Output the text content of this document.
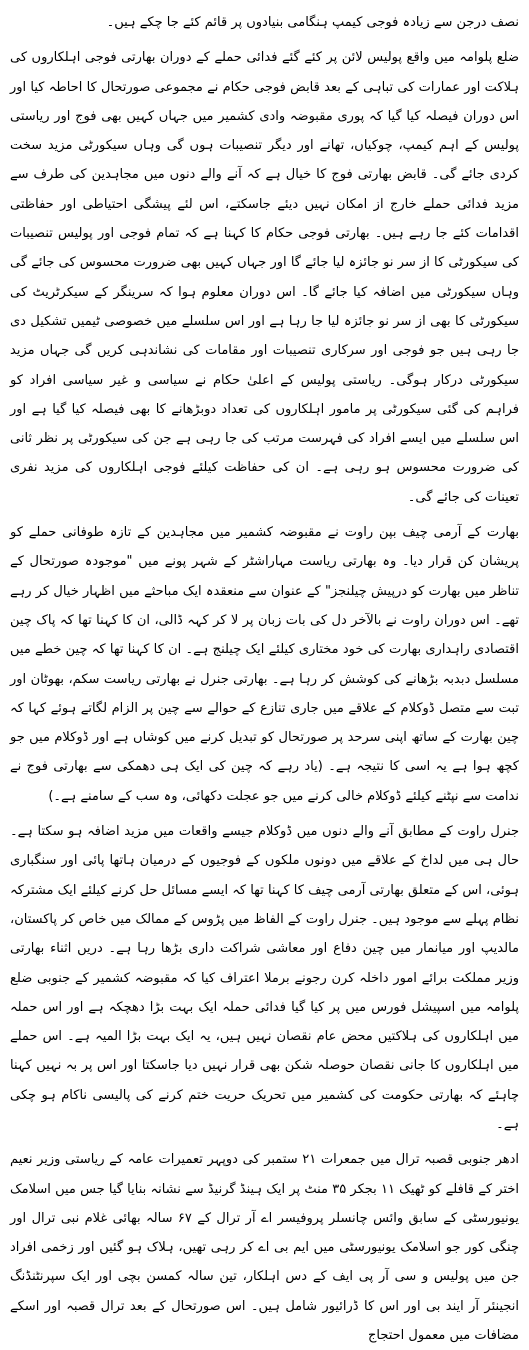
نصف درجن سے زیادہ فوجی کیمپ ہنگامی بنیادوں پر قائم کئے جا چکے ہیں۔

ضلع پلوامہ میں واقع پولیس لائن پر کئے گئے فدائی حملے کے دوران بھارتی فوجی اہلکاروں کی ہلاکت اور عمارات کی تباہی کے بعد قابض فوجی حکام نے مجموعی صورتحال کا احاطہ کیا اور اس دوران فیصلہ کیا گیا کہ پوری مقبوضہ وادی کشمیر میں جہاں کہیں بھی فوج اور ریاستی پولیس کے اہم کیمپ، چوکیاں، تھانے اور دیگر تنصیبات ہوں گی وہاں سیکورٹی مزید سخت کردی جائے گی۔ قابض بھارتی فوج کا خیال ہے کہ آنے والے دنوں میں مجاہدین کی طرف سے مزید فدائی حملے خارج از امکان نہیں دیئے جاسکتے، اس لئے پیشگی احتیاطی اور حفاظتی اقدامات کئے جا رہے ہیں۔ بھارتی فوجی حکام کا کہنا ہے کہ تمام فوجی اور پولیس تنصیبات کی سیکورٹی کا از سر نو جائزہ لیا جائے گا اور جہاں کہیں بھی ضرورت محسوس کی جائے گی وہاں سیکورٹی میں اضافہ کیا جائے گا۔ اس دوران معلوم ہوا کہ سرینگر کے سیکرٹریٹ کی سیکورٹی کا بھی از سر نو جائزہ لیا جا رہا ہے اور اس سلسلے میں خصوصی ٹیمیں تشکیل دی جا رہی ہیں جو فوجی اور سرکاری تنصیبات اور مقامات کی نشاندہی کریں گی جہاں مزید سیکورٹی درکار ہوگی۔ ریاستی پولیس کے اعلیٰ حکام نے سیاسی و غیر سیاسی افراد کو فراہم کی گئی سیکورٹی پر مامور اہلکاروں کی تعداد دوبڑھانے کا بھی فیصلہ کیا گیا ہے اور اس سلسلے میں ایسے افراد کی فہرست مرتب کی جا رہی ہے جن کی سیکورٹی پر نظر ثانی کی ضرورت محسوس ہو رہی ہے۔ ان کی حفاظت کیلئے فوجی اہلکاروں کی مزید نفری تعینات کی جائے گی۔

بھارت کے آرمی چیف بپن راوت نے مقبوضہ کشمیر میں مجاہدین کے تازہ طوفانی حملے کو پریشان کن قرار دیا۔ وہ بھارتی ریاست مہاراشٹر کے شہر پونے میں "موجودہ صورتحال کے تناظر میں بھارت کو درپیش چیلنجز" کے عنوان سے منعقدہ ایک مباحثے میں اظہار خیال کر رہے تھے۔ اس دوران راوت نے بالآخر دل کی بات زبان پر لا کر کہہ ڈالی، ان کا کہنا تھا کہ پاک چین اقتصادی راہداری بھارت کی خود مختاری کیلئے ایک چیلنج ہے۔ ان کا کہنا تھا کہ چین خطے میں مسلسل دبدبہ بڑھانے کی کوشش کر رہا ہے۔ بھارتی جنرل نے بھارتی ریاست سکم، بھوٹان اور تبت سے متصل ڈوکلام کے علاقے میں جاری تنازع کے حوالے سے چین پر الزام لگاتے ہوئے کہا کہ چین بھارت کے ساتھ اپنی سرحد پر صورتحال کو تبدیل کرنے میں کوشاں ہے اور ڈوکلام میں جو کچھ ہوا ہے یہ اسی کا نتیجہ ہے۔ (یاد رہے کہ چین کی ایک ہی دھمکی سے بھارتی فوج نے ندامت سے نپٹنے کیلئے ڈوکلام خالی کرنے میں جو عجلت دکھائی، وہ سب کے سامنے ہے۔)

جنرل راوت کے مطابق آنے والے دنوں میں ڈوکلام جیسے واقعات میں مزید اضافہ ہو سکتا ہے۔ حال ہی میں لداخ کے علاقے میں دونوں ملکوں کے فوجیوں کے درمیان ہاتھا پائی اور سنگباری ہوئی، اس کے متعلق بھارتی آرمی چیف کا کہنا تھا کہ ایسے مسائل حل کرنے کیلئے ایک مشترکہ نظام پہلے سے موجود ہیں۔ جنرل راوت کے الفاظ میں پڑوس کے ممالک میں خاص کر پاکستان، مالدیپ اور میانمار میں چین دفاع اور معاشی شراکت داری بڑھا رہا ہے۔ دریں اثناء بھارتی وزیر مملکت برائے امور داخلہ کرن رجونے برملا اعتراف کیا کہ مقبوضہ کشمیر کے جنوبی ضلع پلوامہ میں اسپیشل فورس میں پر کیا گیا فدائی حملہ ایک بہت بڑا دھچکہ ہے اور اس حملہ میں اہلکاروں کی ہلاکتیں محض عام نقصان نہیں ہیں، یہ ایک بہت بڑا المیہ ہے۔ اس حملے میں اہلکاروں کا جانی نقصان حوصلہ شکن بھی قرار نہیں دیا جاسکتا اور اس پر بہ نہیں کہنا چاہئے کہ بھارتی حکومت کی کشمیر میں تحریک حریت ختم کرنے کی پالیسی ناکام ہو چکی ہے۔

ادھر جنوبی قصبہ ترال میں جمعرات ۲۱ ستمبر کی دوپہر تعمیرات عامہ کے ریاستی وزیر نعیم اختر کے قافلے کو ٹھیک ۱۱ بجکر ۳۵ منٹ پر ایک ہینڈ گرنیڈ سے نشانہ بنایا گیا جس میں اسلامک یونیورسٹی کے سابق وائس چانسلر پروفیسر اے آر ترال کے ۶۷ سالہ بھائی غلام نبی ترال اور چنگی کور جو اسلامک یونیورسٹی میں ایم بی اے کر رہی تھیں، ہلاک ہو گئیں اور زخمی افراد جن میں پولیس و سی آر پی ایف کے دس اہلکار، تین سالہ کمسن بچی اور ایک سپرنٹنڈنگ انجینئر آر ایند بی اور اس کا ڈرائیور شامل ہیں۔ اس صورتحال کے بعد ترال قصبہ اور اسکے مضافات میں معمول احتجاج
